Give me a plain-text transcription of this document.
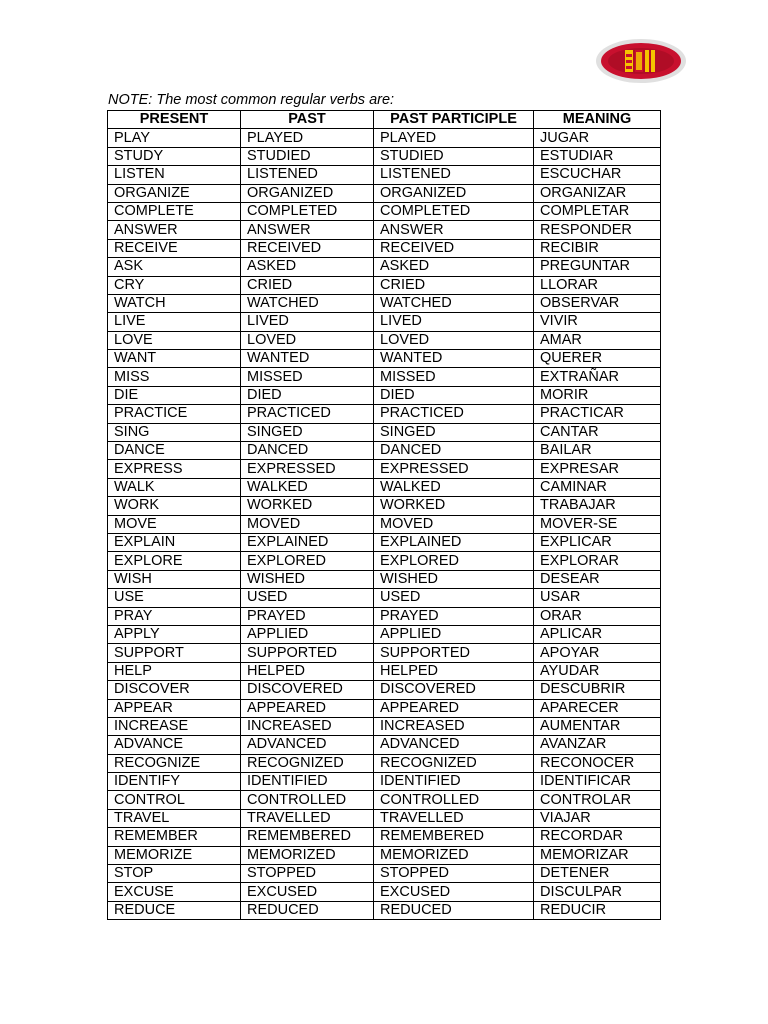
NOTE: The most common regular verbs are:
PRESENT	PAST	PAST PARTICIPLE	MEANING
PLAY	PLAYED	PLAYED	JUGAR
STUDY	STUDIED	STUDIED	ESTUDIAR
LISTEN	LISTENED	LISTENED	ESCUCHAR
ORGANIZE	ORGANIZED	ORGANIZED	ORGANIZAR
COMPLETE	COMPLETED	COMPLETED	COMPLETAR
ANSWER	ANSWER	ANSWER	RESPONDER
RECEIVE	RECEIVED	RECEIVED	RECIBIR
ASK	ASKED	ASKED	PREGUNTAR
CRY	CRIED	CRIED	LLORAR
WATCH	WATCHED	WATCHED	OBSERVAR
LIVE	LIVED	LIVED	VIVIR
LOVE	LOVED	LOVED	AMAR
WANT	WANTED	WANTED	QUERER
MISS	MISSED	MISSED	EXTRAÑAR
DIE	DIED	DIED	MORIR
PRACTICE	PRACTICED	PRACTICED	PRACTICAR
SING	SINGED	SINGED	CANTAR
DANCE	DANCED	DANCED	BAILAR
EXPRESS	EXPRESSED	EXPRESSED	EXPRESAR
WALK	WALKED	WALKED	CAMINAR
WORK	WORKED	WORKED	TRABAJAR
MOVE	MOVED	MOVED	MOVER-SE
EXPLAIN	EXPLAINED	EXPLAINED	EXPLICAR
EXPLORE	EXPLORED	EXPLORED	EXPLORAR
WISH	WISHED	WISHED	DESEAR
USE	USED	USED	USAR
PRAY	PRAYED	PRAYED	ORAR
APPLY	APPLIED	APPLIED	APLICAR
SUPPORT	SUPPORTED	SUPPORTED	APOYAR
HELP	HELPED	HELPED	AYUDAR
DISCOVER	DISCOVERED	DISCOVERED	DESCUBRIR
APPEAR	APPEARED	APPEARED	APARECER
INCREASE	INCREASED	INCREASED	AUMENTAR
ADVANCE	ADVANCED	ADVANCED	AVANZAR
RECOGNIZE	RECOGNIZED	RECOGNIZED	RECONOCER
IDENTIFY	IDENTIFIED	IDENTIFIED	IDENTIFICAR
CONTROL	CONTROLLED	CONTROLLED	CONTROLAR
TRAVEL	TRAVELLED	TRAVELLED	VIAJAR
REMEMBER	REMEMBERED	REMEMBERED	RECORDAR
MEMORIZE	MEMORIZED	MEMORIZED	MEMORIZAR
STOP	STOPPED	STOPPED	DETENER
EXCUSE	EXCUSED	EXCUSED	DISCULPAR
REDUCE	REDUCED	REDUCED	REDUCIR
